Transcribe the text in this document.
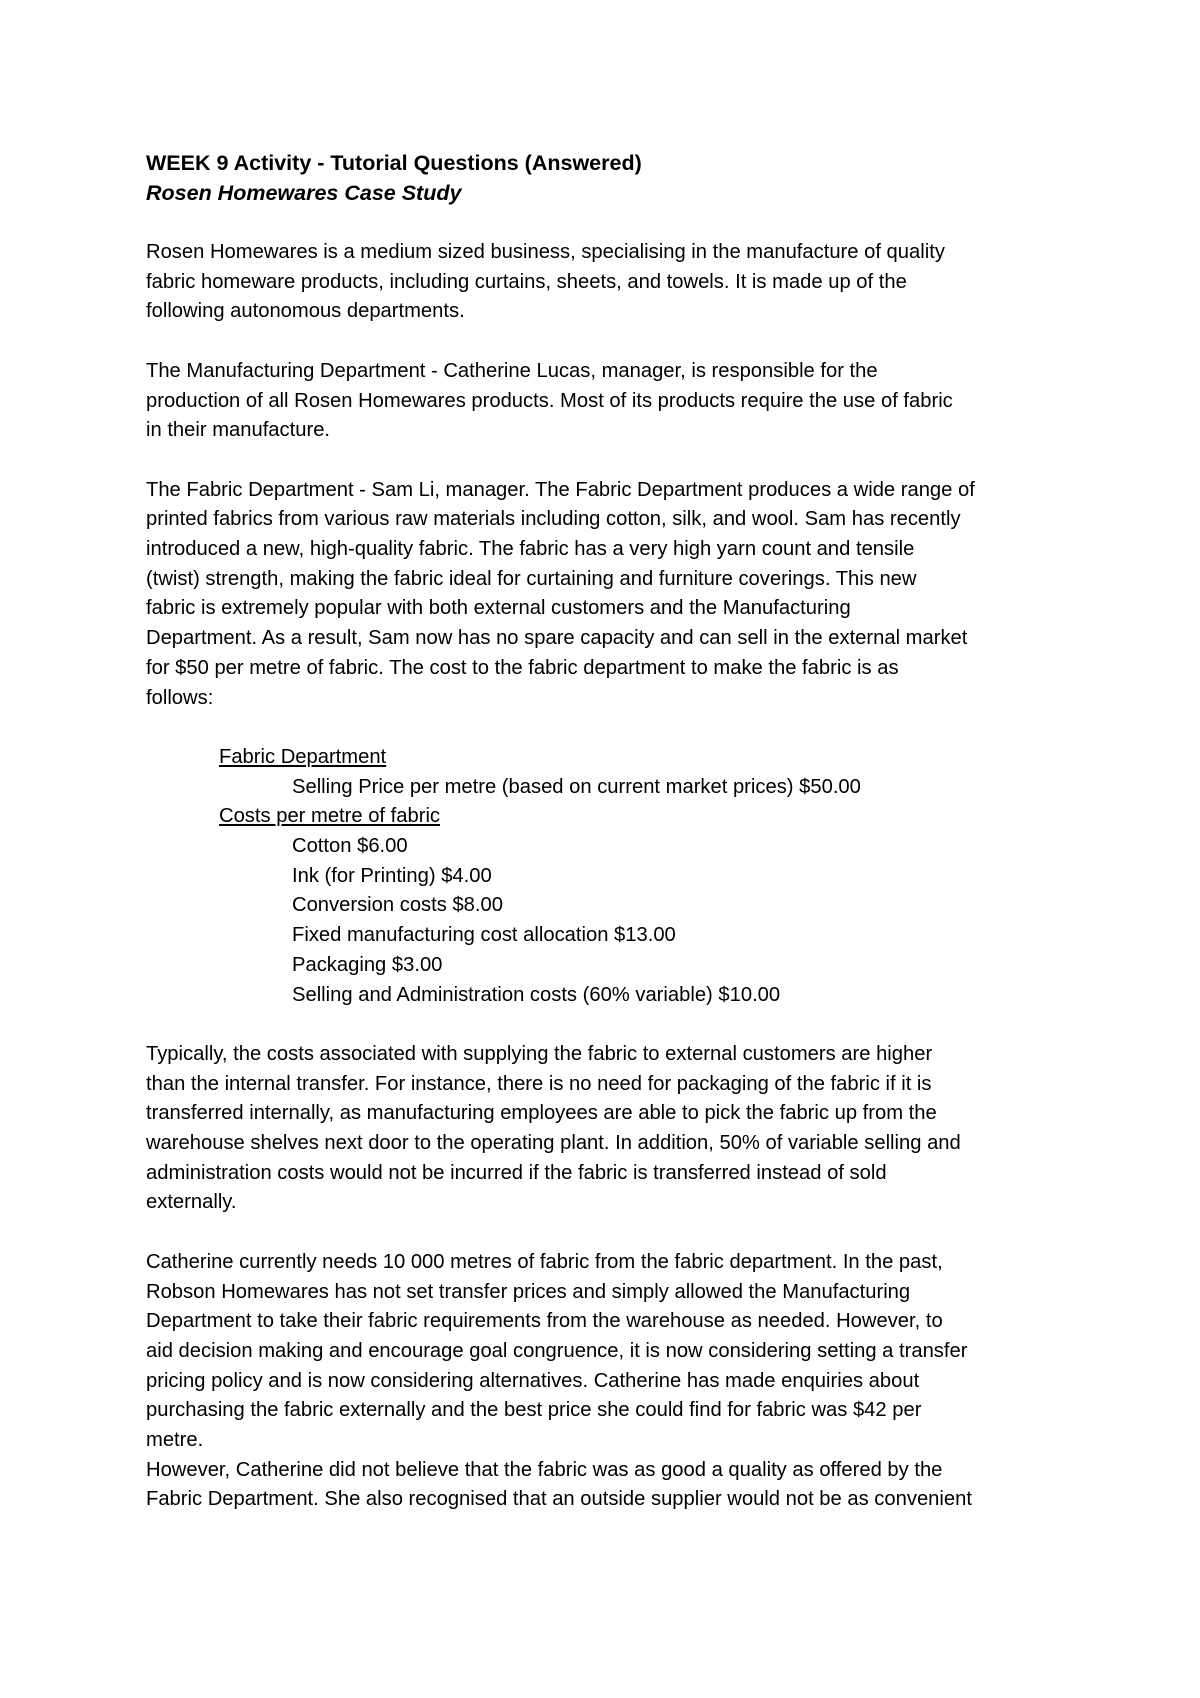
WEEK 9 Activity - Tutorial Questions (Answered)
Rosen Homewares Case Study

Rosen Homewares is a medium sized business, specialising in the manufacture of quality
fabric homeware products, including curtains, sheets, and towels. It is made up of the
following autonomous departments.

The Manufacturing Department - Catherine Lucas, manager, is responsible for the
production of all Rosen Homewares products. Most of its products require the use of fabric
in their manufacture.

The Fabric Department - Sam Li, manager. The Fabric Department produces a wide range of
printed fabrics from various raw materials including cotton, silk, and wool. Sam has recently
introduced a new, high-quality fabric. The fabric has a very high yarn count and tensile
(twist) strength, making the fabric ideal for curtaining and furniture coverings. This new
fabric is extremely popular with both external customers and the Manufacturing
Department. As a result, Sam now has no spare capacity and can sell in the external market
for $50 per metre of fabric. The cost to the fabric department to make the fabric is as
follows:

Fabric Department
Selling Price per metre (based on current market prices) $50.00
Costs per metre of fabric
Cotton $6.00
Ink (for Printing) $4.00
Conversion costs $8.00
Fixed manufacturing cost allocation $13.00
Packaging $3.00
Selling and Administration costs (60% variable) $10.00

Typically, the costs associated with supplying the fabric to external customers are higher
than the internal transfer. For instance, there is no need for packaging of the fabric if it is
transferred internally, as manufacturing employees are able to pick the fabric up from the
warehouse shelves next door to the operating plant. In addition, 50% of variable selling and
administration costs would not be incurred if the fabric is transferred instead of sold
externally.

Catherine currently needs 10 000 metres of fabric from the fabric department. In the past,
Robson Homewares has not set transfer prices and simply allowed the Manufacturing
Department to take their fabric requirements from the warehouse as needed. However, to
aid decision making and encourage goal congruence, it is now considering setting a transfer
pricing policy and is now considering alternatives. Catherine has made enquiries about
purchasing the fabric externally and the best price she could find for fabric was $42 per
metre.

However, Catherine did not believe that the fabric was as good a quality as offered by the
Fabric Department. She also recognised that an outside supplier would not be as convenient
